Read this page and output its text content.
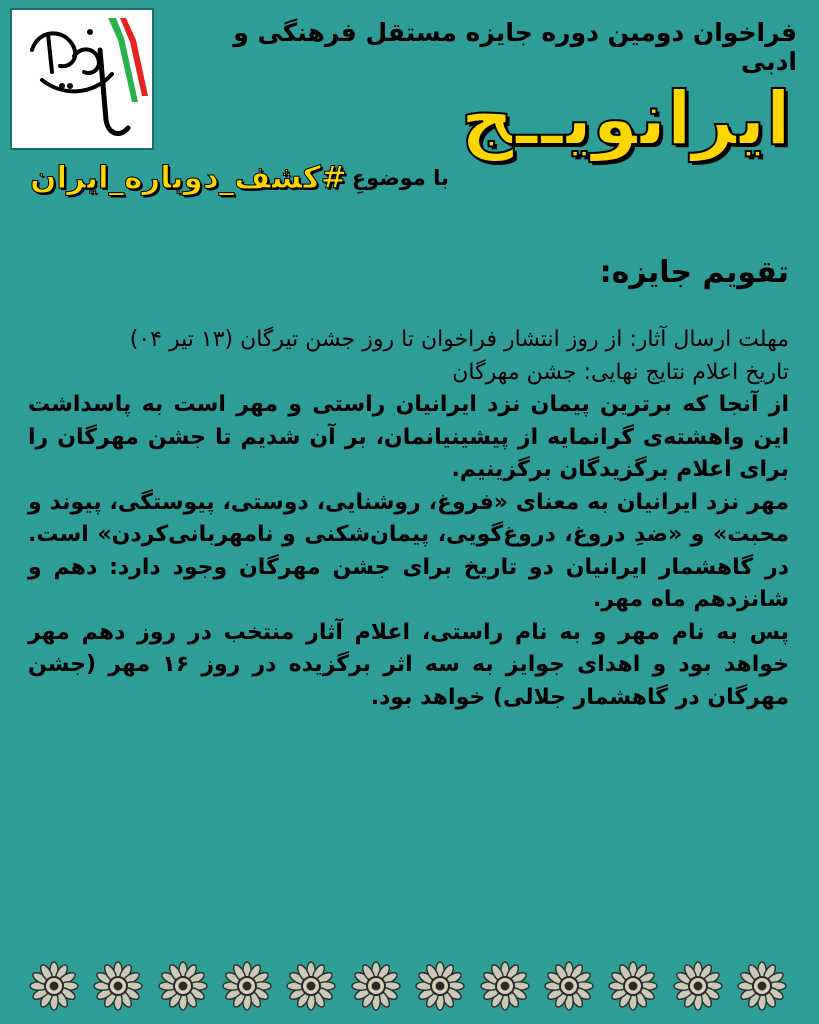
فراخوان دومین دوره جایزه مستقل فرهنگی و ادبی
ایرانویــج
با موضوعِ #کشف_دوباره_ایران
تقویم جایزه:

مهلت ارسال آثار: از روز انتشار فراخوان تا روز جشن تیرگان (۱۳ تیر ۰۴)

تاریخ اعلام نتایج نهایی: جشن مهرگان

از آنجا که برترین پیمان نزد ایرانیان راستی و مهر است به پاسداشت این واهشته‌ی گرانمایه از پیشینیانمان، بر آن شدیم تا جشن مهرگان را برای اعلام برگزیدگان برگزینیم.

مهر نزد ایرانیان به معنای «فروغ، روشنایی، دوستی، پیوستگی، پیوند و محبت» و «ضدِ دروغ، دروغ‌گویی، پیمان‌شکنی و نامهربانی‌کردن» است. در گاهشمار ایرانیان دو تاریخ برای جشن مهرگان وجود دارد: دهم و شانزدهم ماه مهر.

پس به نام مهر و به نام راستی، اعلام آثار منتخب در روز دهم مهر خواهد بود و اهدای جوایز به سه اثر برگزیده در روز ۱۶ مهر (جشن مهرگان در گاهشمار جلالی) خواهد بود.
